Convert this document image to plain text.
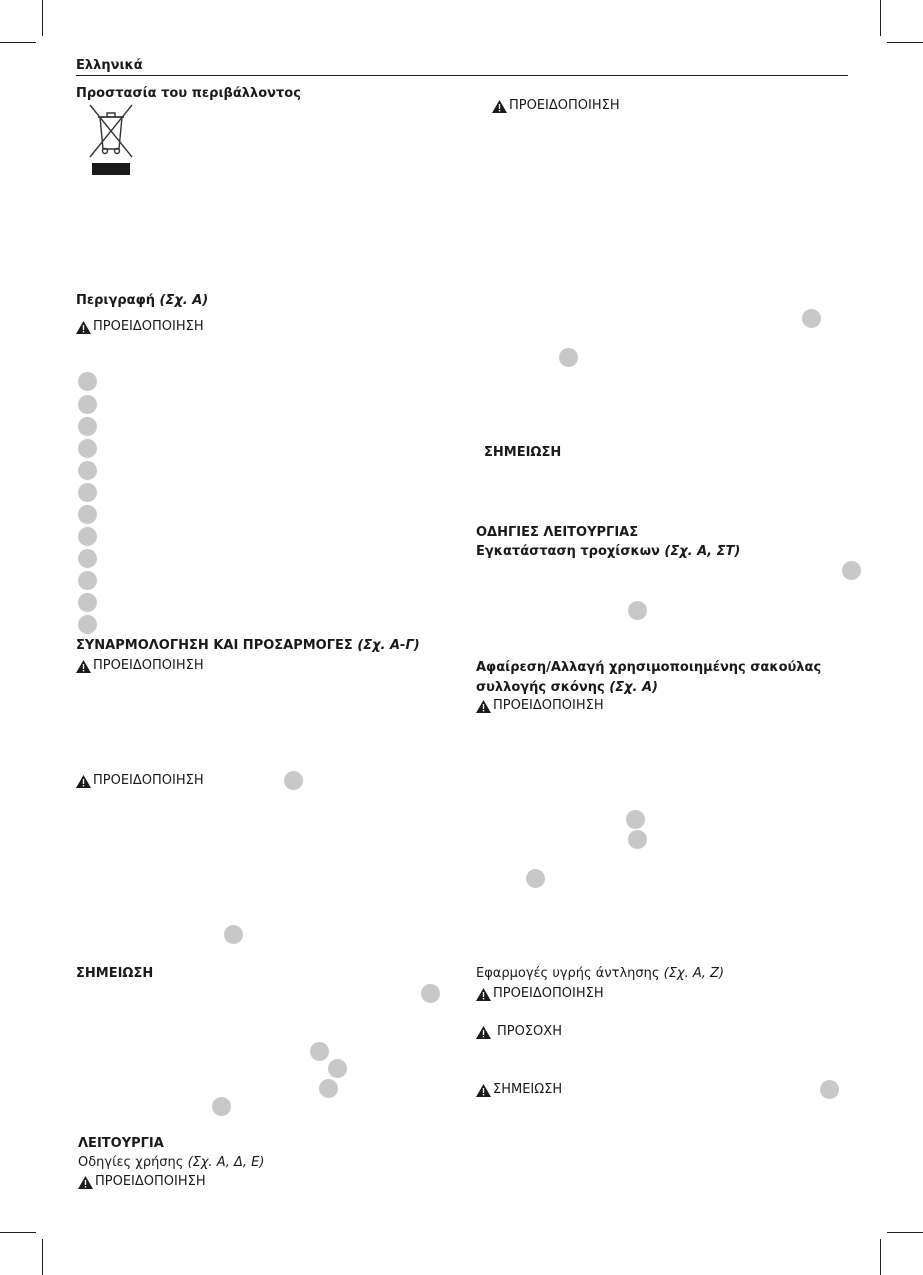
Ελληνικά
Προστασία του περιβάλλοντος
Περιγραφή (Σχ. Α)
ΠΡΟΕΙΔΟΠΟΙΗΣΗ
ΣΥΝΑΡΜΟΛΟΓΗΣΗ ΚΑΙ ΠΡΟΣΑΡΜΟΓΕΣ (Σχ. Α-Γ)
ΠΡΟΕΙΔΟΠΟΙΗΣΗ
ΠΡΟΕΙΔΟΠΟΙΗΣΗ
ΣΗΜΕΙΩΣΗ
ΛΕΙΤΟΥΡΓΙΑ
Οδηγίες χρήσης (Σχ. Α, Δ, Ε)
ΠΡΟΕΙΔΟΠΟΙΗΣΗ
ΠΡΟΕΙΔΟΠΟΙΗΣΗ
ΣΗΜΕΙΩΣΗ
ΟΔΗΓΙΕΣ ΛΕΙΤΟΥΡΓΙΑΣ
Εγκατάσταση τροχίσκων (Σχ. Α, ΣΤ)
Αφαίρεση/Αλλαγή χρησιμοποιημένης σακούλας
συλλογής σκόνης (Σχ. Α)
ΠΡΟΕΙΔΟΠΟΙΗΣΗ
Εφαρμογές υγρής άντλησης (Σχ. Α, Ζ)
ΠΡΟΕΙΔΟΠΟΙΗΣΗ
ΠΡΟΣΟΧΗ
ΣΗΜΕΙΩΣΗ
